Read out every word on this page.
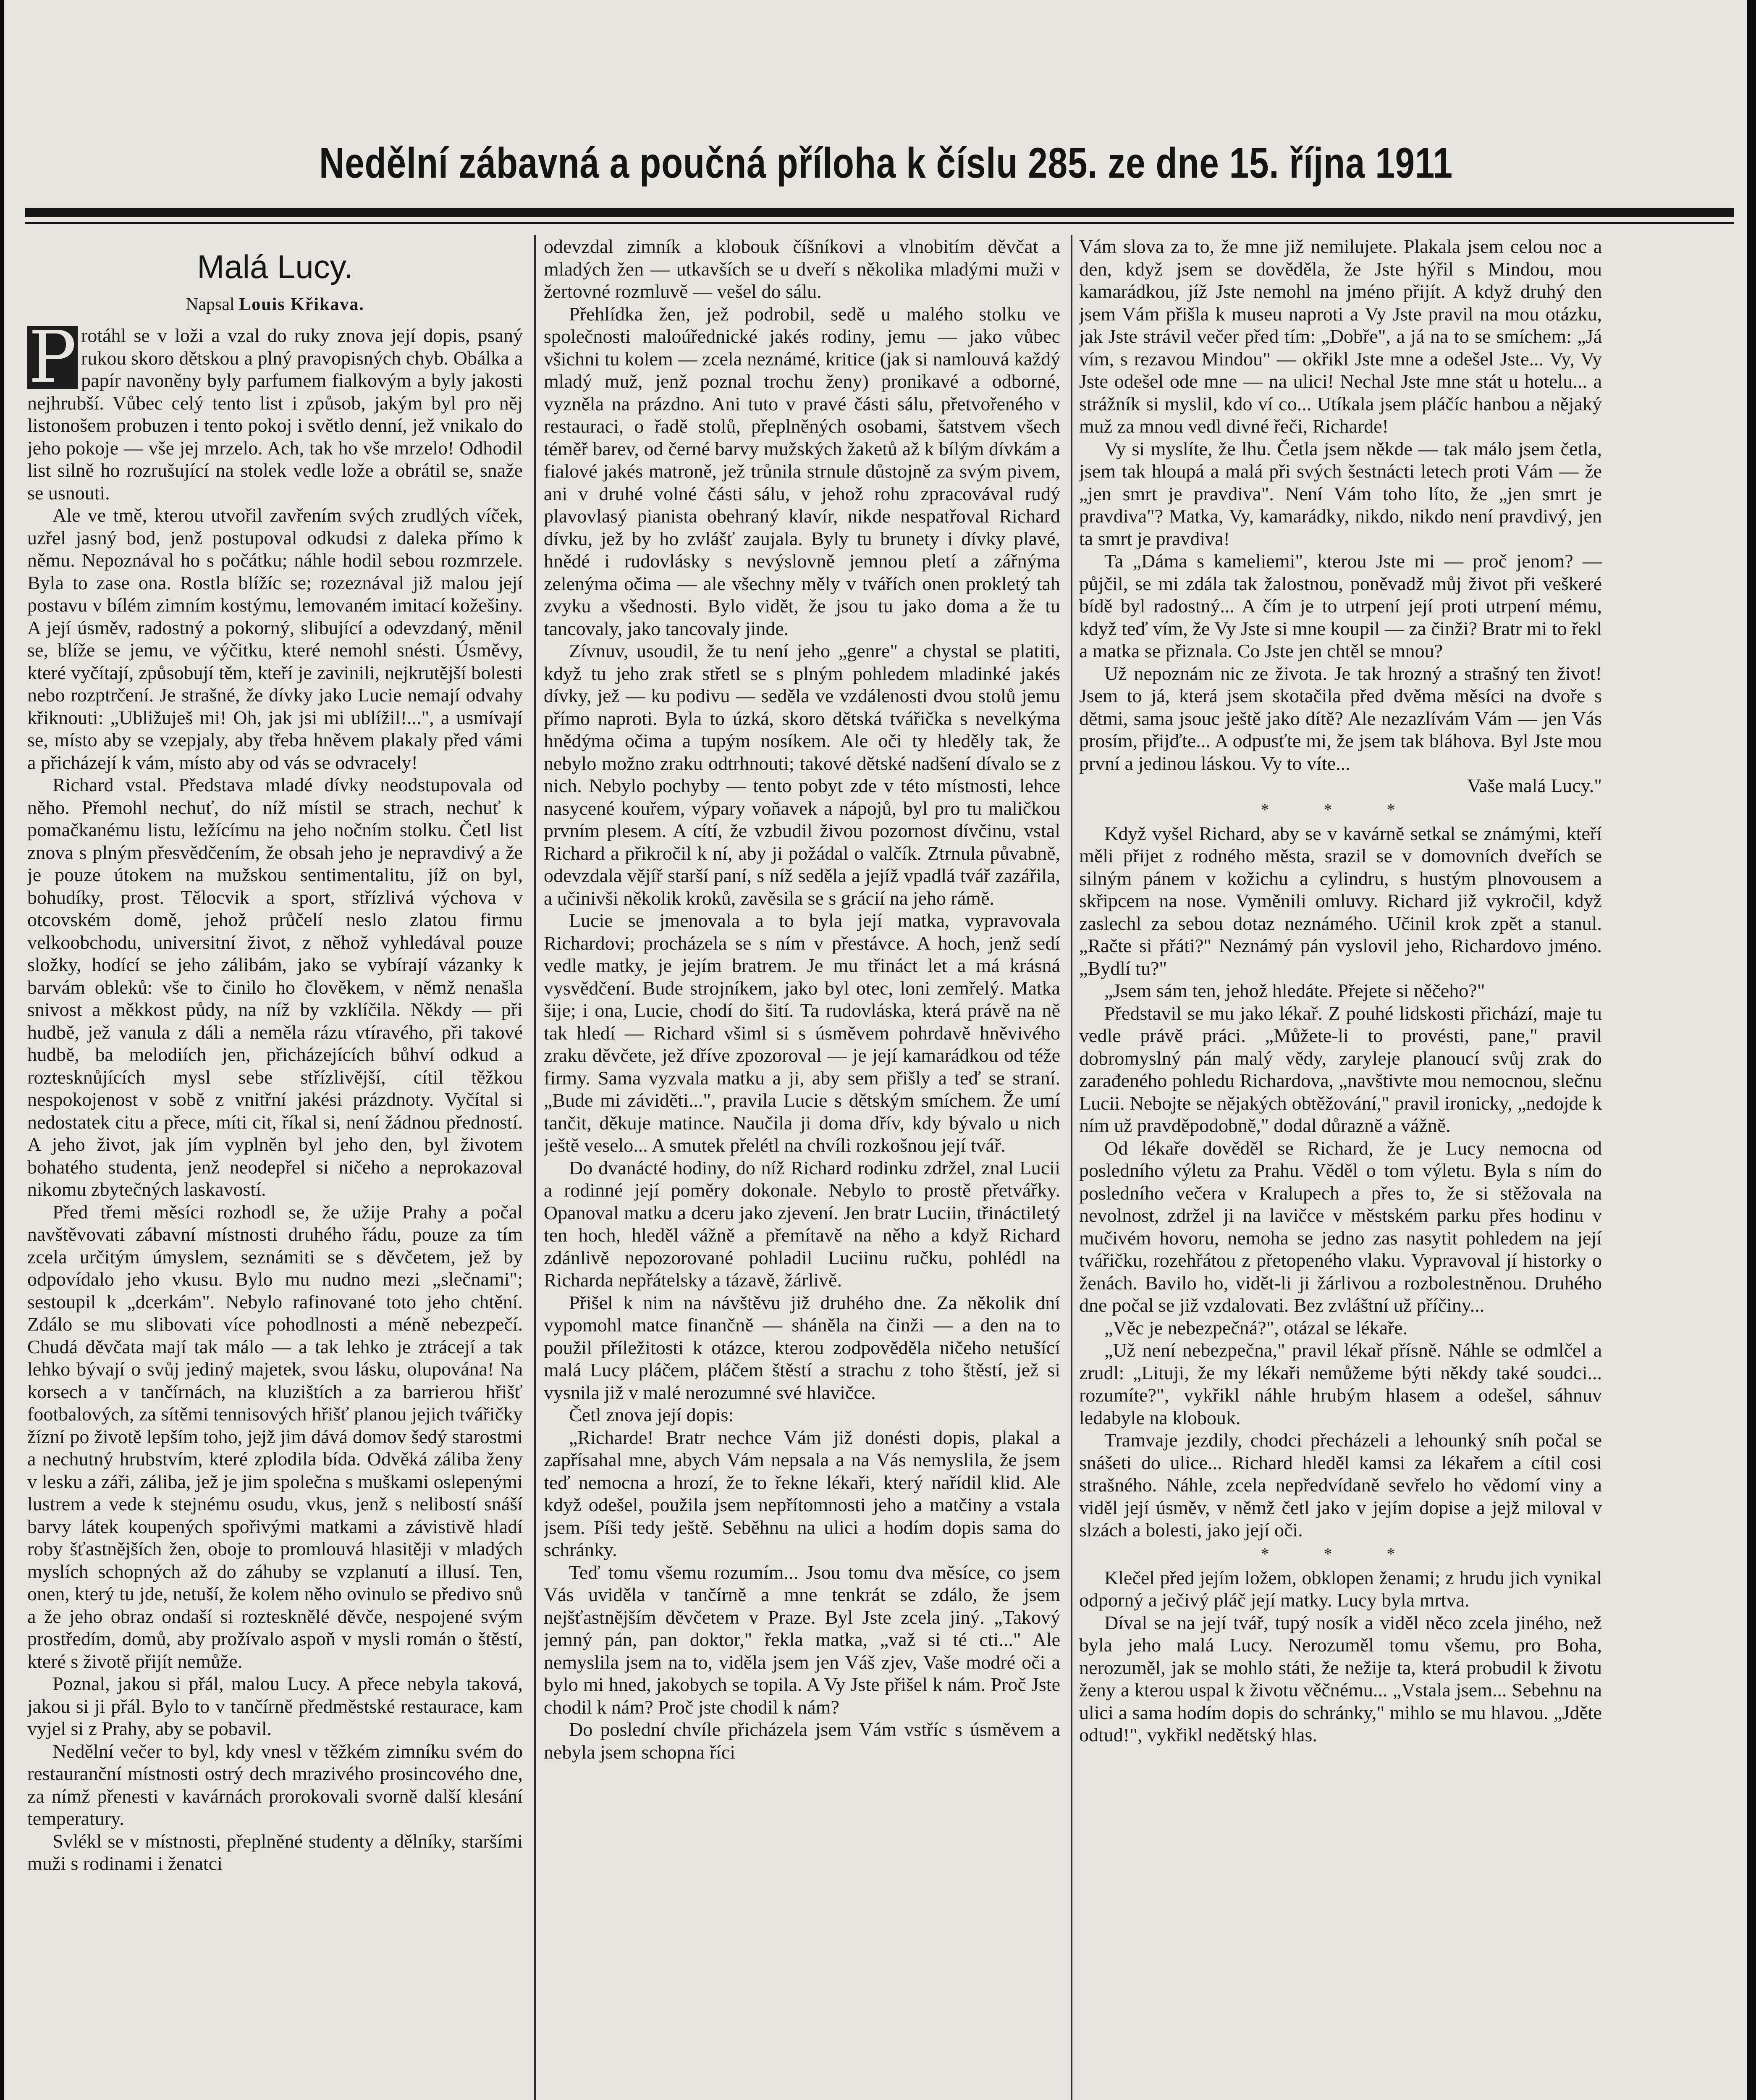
Nedělní zábavná a poučná příloha k číslu 285. ze dne 15. října 1911
Malá Lucy.
Napsal Louis Křikava.

P rotáhl se v loži a vzal do ruky znova její dopis, psaný rukou skoro dětskou a plný pravopisných chyb. Obálka a papír navoněny byly parfumem fialkovým a byly jakosti nejhrubší. Vůbec celý tento list i způsob, jakým byl pro něj listonošem probuzen i tento pokoj i světlo denní, jež vnikalo do jeho pokoje — vše jej mrzelo. Ach, tak ho vše mrzelo! Odhodil list silně ho rozrušující na stolek vedle lože a obrátil se, snaže se usnouti.

Ale ve tmě, kterou utvořil zavřením svých zrudlých víček, uzřel jasný bod, jenž postupoval odkudsi z daleka přímo k němu. Nepoznával ho s počátku; náhle hodil sebou rozmrzele. Byla to zase ona. Rostla blížíc se; rozeznával již malou její postavu v bílém zimním kostýmu, lemovaném imitací kožešiny. A její úsměv, radostný a pokorný, slibující a odevzdaný, měnil se, blíže se jemu, ve výčitku, které nemohl snésti. Úsměvy, které vyčítají, způsobují těm, kteří je zavinili, nejkrutější bolesti nebo rozptrčení. Je strašné, že dívky jako Lucie nemají odvahy křiknouti: „Ubližuješ mi! Oh, jak jsi mi ublížil!...", a usmívají se, místo aby se vzepjaly, aby třeba hněvem plakaly před vámi a přicházejí k vám, místo aby od vás se odvracely!

Richard vstal. Představa mladé dívky neodstupovala od něho. Přemohl nechuť, do níž místil se strach, nechuť k pomačkanému listu, ležícímu na jeho nočním stolku. Četl list znova s plným přesvědčením, že obsah jeho je nepravdivý a že je pouze útokem na mužskou sentimentalitu, jíž on byl, bohudíky, prost. Tělocvik a sport, střízlivá výchova v otcovském domě, jehož průčelí neslo zlatou firmu velkoobchodu, universitní život, z něhož vyhledával pouze složky, hodící se jeho zálibám, jako se vybírají vázanky k barvám obleků: vše to činilo ho člověkem, v němž nenašla snivost a měkkost půdy, na níž by vzklíčila. Někdy — při hudbě, jež vanula z dáli a neměla rázu vtíravého, při takové hudbě, ba melodiích jen, přicházejících bůhví odkud a roztesknůjících mysl sebe střízlivější, cítil těžkou nespokojenost v sobě z vnitřní jakési prázdnoty. Vyčítal si nedostatek citu a přece, míti cit, říkal si, není žádnou předností. A jeho život, jak jím vyplněn byl jeho den, byl životem bohatého studenta, jenž neodepřel si ničeho a neprokazoval nikomu zbytečných laskavostí.

Před třemi měsíci rozhodl se, že užije Prahy a počal navštěvovati zábavní místnosti druhého řádu, pouze za tím zcela určitým úmyslem, seznámiti se s děvčetem, jež by odpovídalo jeho vkusu. Bylo mu nudno mezi „slečnami"; sestoupil k „dcerkám". Nebylo rafinované toto jeho chtění. Zdálo se mu slibovati více pohodlnosti a méně nebezpečí. Chudá děvčata mají tak málo — a tak lehko je ztrácejí a tak lehko bývají o svůj jediný majetek, svou lásku, olupována! Na korsech a v tančírnách, na kluzištích a za barrierou hřišť footbalových, za sítěmi tennisových hřišť planou jejich tvářičky žízní po životě lepším toho, jejž jim dává domov šedý starostmi a nechutný hrubstvím, které zplodila bída. Odvěká záliba ženy v lesku a záři, záliba, jež je jim společna s muškami oslepenými lustrem a vede k stejnému osudu, vkus, jenž s nelibostí snáší barvy látek koupených spořivými matkami a závistivě hladí roby šťastnějších žen, oboje to promlouvá hlasitěji v mladých myslích schopných až do záhuby se vzplanutí a illusí. Ten, onen, který tu jde, netuší, že kolem něho ovinulo se předivo snů a že jeho obraz ondaší si roztesknělé děvče, nespojené svým prostředím, domů, aby prožívalo aspoň v mysli román o štěstí, které s životě přijít nemůže.

Poznal, jakou si přál, malou Lucy. A přece nebyla taková, jakou si ji přál. Bylo to v tančírně předměstské restaurace, kam vyjel si z Prahy, aby se pobavil.

Nedělní večer to byl, kdy vnesl v těžkém zimníku svém do restauranční místnosti ostrý dech mrazivého prosincového dne, za nímž přenesti v kavárnách prorokovali svorně další klesání temperatury.

Svlékl se v místnosti, přeplněné studenty a dělníky, staršími muži s rodinami i ženatci

odevzdal zimník a klobouk číšníkovi a vlnobitím děvčat a mladých žen — utkavších se u dveří s několika mladými muži v žertovné rozmluvě — vešel do sálu.

Přehlídka žen, jež podrobil, sedě u malého stolku ve společnosti maloúřednické jakés rodiny, jemu — jako vůbec všichni tu kolem — zcela neznámé, kritice (jak si namlouvá každý mladý muž, jenž poznal trochu ženy) pronikavé a odborné, vyzněla na prázdno. Ani tuto v pravé části sálu, přetvořeného v restauraci, o řadě stolů, přeplněných osobami, šatstvem všech téměř barev, od černé barvy mužských žaketů až k bílým dívkám a fialové jakés matroně, jež trůnila strnule důstojně za svým pivem, ani v druhé volné části sálu, v jehož rohu zpracovával rudý plavovlasý pianista obehraný klavír, nikde nespatřoval Richard dívku, jež by ho zvlášť zaujala. Byly tu brunety i dívky plavé, hnědé i rudovlásky s nevýslovně jemnou pletí a zářnýma zelenýma očima — ale všechny měly v tvářích onen prokletý tah zvyku a všednosti. Bylo vidět, že jsou tu jako doma a že tu tancovaly, jako tancovaly jinde.

Zívnuv, usoudil, že tu není jeho „genre" a chystal se platiti, když tu jeho zrak střetl se s plným pohledem mladinké jakés dívky, jež — ku podivu — seděla ve vzdálenosti dvou stolů jemu přímo naproti. Byla to úzká, skoro dětská tvářička s nevelkýma hnědýma očima a tupým nosíkem. Ale oči ty hleděly tak, že nebylo možno zraku odtrhnouti; takové dětské nadšení dívalo se z nich. Nebylo pochyby — tento pobyt zde v této místnosti, lehce nasycené kouřem, výpary voňavek a nápojů, byl pro tu maličkou prvním plesem. A cítí, že vzbudil živou pozornost dívčinu, vstal Richard a přikročil k ní, aby ji požádal o valčík. Ztrnula půvabně, odevzdala vějíř starší paní, s níž seděla a jejíž vpadlá tvář zazářila, a učinivši několik kroků, zavěsila se s grácií na jeho rámě.

Lucie se jmenovala a to byla její matka, vypravovala Richardovi; procházela se s ním v přestávce. A hoch, jenž sedí vedle matky, je jejím bratrem. Je mu třináct let a má krásná vysvědčení. Bude strojníkem, jako byl otec, loni zemřelý. Matka šije; i ona, Lucie, chodí do šití. Ta rudovláska, která právě na ně tak hledí — Richard všiml si s úsměvem pohrdavě hněvivého zraku děvčete, jež dříve zpozoroval — je její kamarádkou od téže firmy. Sama vyzvala matku a ji, aby sem přišly a teď se straní. „Bude mi záviděti...", pravila Lucie s dětským smíchem. Že umí tančit, děkuje matince. Naučila ji doma dřív, kdy bývalo u nich ještě veselo... A smutek přelétl na chvíli rozkošnou její tvář.

Do dvanácté hodiny, do níž Richard rodinku zdržel, znal Lucii a rodinné její poměry dokonale. Nebylo to prostě přetvářky. Opanoval matku a dceru jako zjevení. Jen bratr Luciin, třináctiletý ten hoch, hleděl vážně a přemítavě na něho a když Richard zdánlivě nepozorované pohladil Luciinu ručku, pohlédl na Richarda nepřátelsky a tázavě, žárlivě.

Přišel k nim na návštěvu již druhého dne. Za několik dní vypomohl matce finančně — shánělа na činži — a den na to použil příležitosti k otázce, kterou zodpověděla ničeho netušící malá Lucy pláčem, pláčem štěstí a strachu z toho štěstí, jež si vysnila již v malé nerozumné své hlavičce.

Četl znova její dopis:

„Richarde! Bratr nechce Vám již donésti dopis, plakal a zapřísahal mne, abych Vám nepsala a na Vás nemyslila, že jsem teď nemocna a hrozí, že to řekne lékaři, který nařídil klid. Ale když odešel, použila jsem nepřítomnosti jeho a matčiny a vstala jsem. Píši tedy ještě. Seběhnu na ulici a hodím dopis sama do schránky.

Teď tomu všemu rozumím... Jsou tomu dva měsíce, co jsem Vás uviděla v tančírně a mne tenkrát se zdálo, že jsem nejšťastnějším děvčetem v Praze. Byl Jste zcela jiný. „Takový jemný pán, pan doktor," řekla matka, „važ si té cti..." Ale nemyslila jsem na to, viděla jsem jen Váš zjev, Vaše modré oči a bylo mi hned, jakobych se topila. A Vy Jste přišel k nám. Proč Jste chodil k nám? Proč jste chodil k nám?

Do poslední chvíle přicházela jsem Vám vstříc s úsměvem a nebyla jsem schopna říci

Vám slova za to, že mne již nemilujete. Plakala jsem celou noc a den, když jsem se dověděla, že Jste hýřil s Mindou, mou kamarádkou, jíž Jste nemohl na jméno přijít. A když druhý den jsem Vám přišla k museu naproti a Vy Jste pravil na mou otázku, jak Jste strávil večer před tím: „Dobře", a já na to se smíchem: „Já vím, s rezavou Mindou" — okřikl Jste mne a odešel Jste... Vy, Vy Jste odešel ode mne — na ulici! Nechal Jste mne stát u hotelu... a strážník si myslil, kdo ví co... Utíkala jsem pláčíc hanbou a nějaký muž za mnou vedl divné řeči, Richarde!

Vy si myslíte, že lhu. Četla jsem někde — tak málo jsem četla, jsem tak hloupá a malá při svých šestnácti letech proti Vám — že „jen smrt je pravdiva". Není Vám toho líto, že „jen smrt je pravdiva"? Matka, Vy, kamarádky, nikdo, nikdo není pravdivý, jen ta smrt je pravdiva!

Ta „Dáma s kameliemi", kterou Jste mi — proč jenom? — půjčil, se mi zdála tak žalostnou, poněvadž můj život při veškeré bídě byl radostný... A čím je to utrpení její proti utrpení mému, když teď vím, že Vy Jste si mne koupil — za činži? Bratr mi to řekl a matka se přiznala. Co Jste jen chtěl se mnou?

Už nepoznám nic ze života. Je tak hrozný a strašný ten život! Jsem to já, která jsem skotačila před dvěma měsíci na dvoře s dětmi, sama jsouc ještě jako dítě? Ale nezazlívám Vám — jen Vás prosím, přijďte... A odpusťte mi, že jsem tak bláhova. Byl Jste mou první a jedinou láskou. Vy to víte...

Vaše malá Lucy."

* * *

Když vyšel Richard, aby se v kavárně setkal se známými, kteří měli přijet z rodného města, srazil se v domovních dveřích se silným pánem v kožichu a cylindru, s hustým plnovousem a skřipcem na nose. Vyměnili omluvy. Richard již vykročil, když zaslechl za sebou dotaz neznámého. Učinil krok zpět a stanul. „Račte si přáti?" Neznámý pán vyslovil jeho, Richardovo jméno. „Bydlí tu?"

„Jsem sám ten, jehož hledáte. Přejete si něčeho?"

Představil se mu jako lékař. Z pouhé lidskosti přichází, maje tu vedle právě práci. „Můžete-li to provésti, pane," pravil dobromyslný pán malý vědy, zaryleje planoucí svůj zrak do zarađeného pohledu Richardova, „navštivte mou nemocnou, slečnu Lucii. Nebojte se nějakých obtěžování," pravil ironicky, „nedojde k ním už pravděpodobně," dodal důrazně a vážně.

Od lékaře dověděl se Richard, že je Lucy nemocna od posledního výletu za Prahu. Věděl o tom výletu. Byla s ním do posledního večera v Kralupech a přes to, že si stěžovala na nevolnost, zdržel ji na lavičce v městském parku přes hodinu v mučivém hovoru, nemoha se jedno zas nasytit pohledem na její tvářičku, rozehřátou z přetopeného vlaku. Vypravoval jí historky o ženách. Bavilo ho, vidět-li ji žárlivou a rozbolestněnou. Druhého dne počal se již vzdalovati. Bez zvláštní už příčiny...

„Věc je nebezpečná?", otázal se lékaře.

„Už není nebezpečna," pravil lékař přísně. Náhle se odmlčel a zrudl: „Lituji, že my lékaři nemůžeme býti někdy také soudci... rozumíte?", vykřikl náhle hrubým hlasem a odešel, sáhnuv ledabyle na klobouk.

Tramvaje jezdily, chodci přecházeli a lehounký sníh počal se snášeti do ulice... Richard hleděl kamsi za lékařem a cítil cosi strašného. Náhle, zcela nepředvídaně sevřelo ho vědomí viny a viděl její úsměv, v němž četl jako v jejím dopise a jejž miloval v slzách a bolesti, jako její oči.

* * *

Klečel před jejím ložem, obklopen ženami; z hrudu jich vynikal odporný a ječivý pláč její matky. Lucy byla mrtva.

Díval se na její tvář, tupý nosík a viděl něco zcela jiného, než byla jeho malá Lucy. Nerozuměl tomu všemu, pro Boha, nerozuměl, jak se mohlo státi, že nežije ta, která probudil k životu ženy a kterou uspal k životu věčnému... „Vstala jsem... Sebehnu na ulici a sama hodím dopis do schránky," mihlo se mu hlavou. „Jděte odtud!", vykřikl nedětský hlas.
